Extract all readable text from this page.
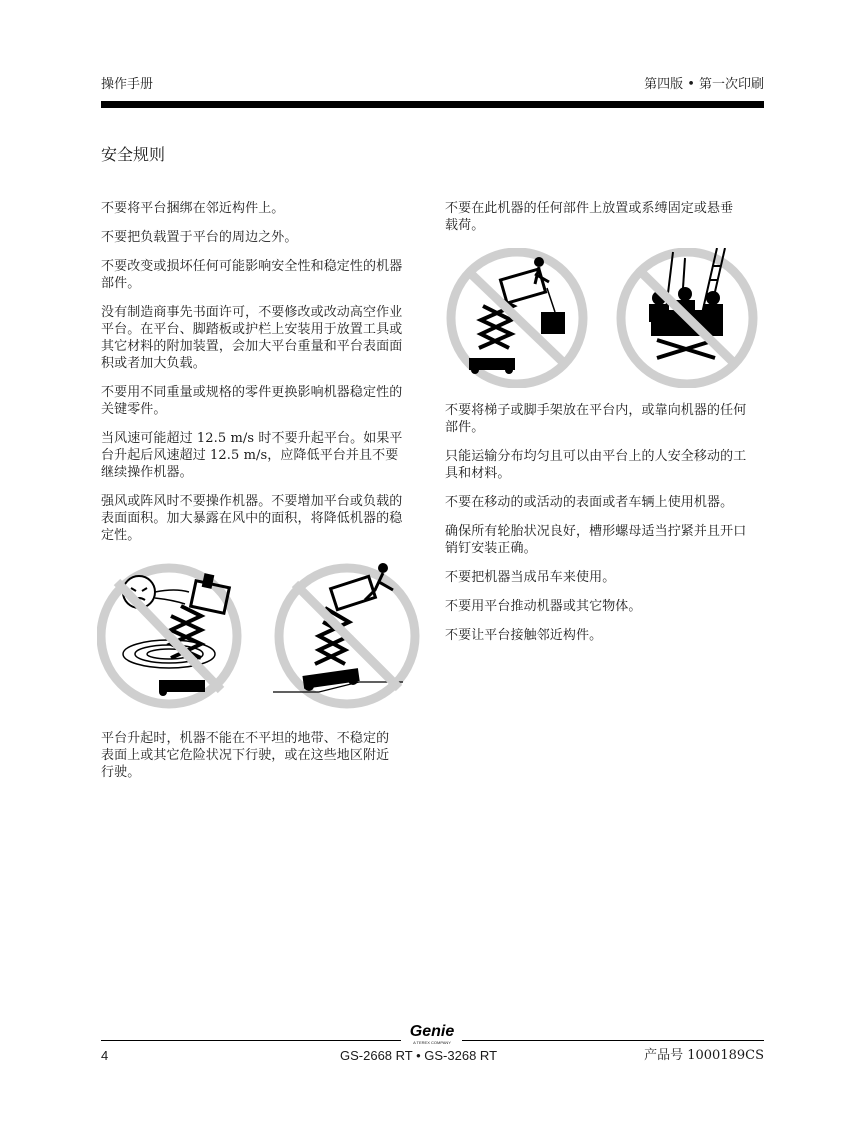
操作手册	第四版 • 第一次印刷
安全规则

不要将平台捆绑在邻近构件上。

不要把负载置于平台的周边之外。

不要改变或损坏任何可能影响安全性和稳定性的机器
部件。

没有制造商事先书面许可，不要修改或改动高空作业
平台。在平台、脚踏板或护栏上安装用于放置工具或
其它材料的附加装置，会加大平台重量和平台表面面
积或者加大负载。

不要用不同重量或规格的零件更换影响机器稳定性的
关键零件。

当风速可能超过 12.5 m/s 时不要升起平台。如果平
台升起后风速超过 12.5 m/s，应降低平台并且不要
继续操作机器。

强风或阵风时不要操作机器。不要增加平台或负载的
表面面积。加大暴露在风中的面积，将降低机器的稳
定性。

平台升起时，机器不能在不平坦的地带、不稳定的
表面上或其它危险状况下行驶，或在这些地区附近
行驶。

不要在此机器的任何部件上放置或系缚固定或悬垂
载荷。

不要将梯子或脚手架放在平台内，或靠向机器的任何
部件。

只能运输分布均匀且可以由平台上的人安全移动的工
具和材料。

不要在移动的或活动的表面或者车辆上使用机器。

确保所有轮胎状况良好，槽形螺母适当拧紧并且开口
销钉安装正确。

不要把机器当成吊车来使用。

不要用平台推动机器或其它物体。

不要让平台接触邻近构件。

Genie
A TEREX COMPANY
4	GS-2668 RT • GS-3268 RT	产品号 1000189CS
